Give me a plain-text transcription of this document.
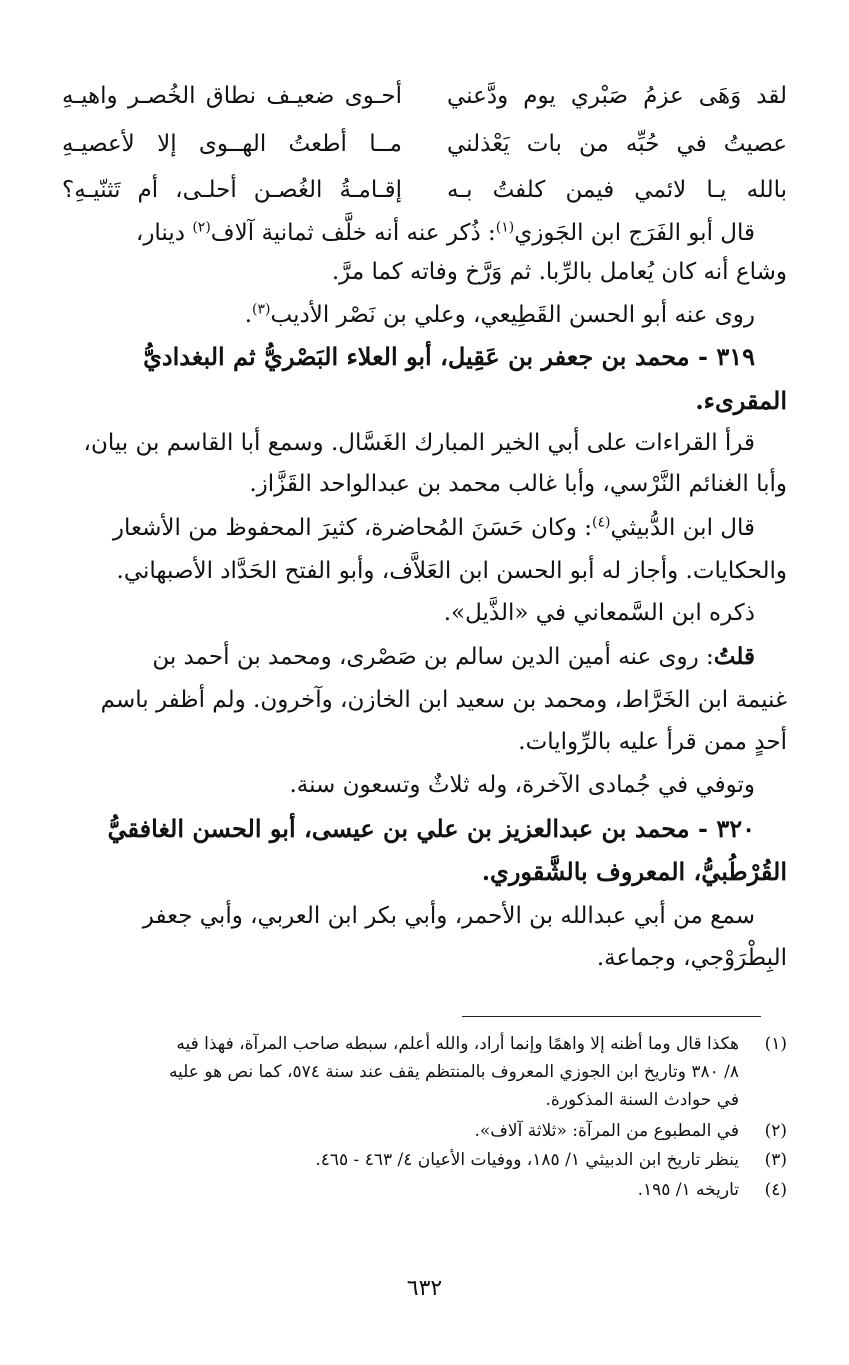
لقد وَهَى عزمُ صَبْري يوم ودَّعني
أحـوى ضعيـف نطاق الخُصـر واهيـهِ
عصيتُ في حُبِّه من بات يَعْذلني
مــا أطعتُ الهــوى إلا لأعصيـهِ
بالله يـا لائمي فيمن كلفتُ بـه
إقـامـةُ الغُصـن أحلـى، أم تَثنّيـهِ؟
قال أبو الفَرَج ابن الجَوزي$^{(١)}$: ذُكر عنه أنه خلَّف ثمانية آلاف$^{(٢)}$ دينار،
وشاع أنه كان يُعامل بالرِّبا. ثم وَرَّخ وفاته كما مرَّ.
روى عنه أبو الحسن القَطِيعي، وعلي بن نَصْر الأديب$^{(٣)}$.
٣١٩ - محمد بن جعفر بن عَقِيل، أبو العلاء البَصْريُّ ثم البغداديُّ
المقرىء.
قرأ القراءات على أبي الخير المبارك الغَسَّال. وسمع أبا القاسم بن بيان،
وأبا الغنائم النَّرْسي، وأبا غالب محمد بن عبدالواحد القَزَّاز.
قال ابن الدُّبيثي$^{(٤)}$: وكان حَسَنَ المُحاضرة، كثيرَ المحفوظ من الأشعار
والحكايات. وأجاز له أبو الحسن ابن العَلاَّف، وأبو الفتح الحَدَّاد الأصبهاني.
ذكره ابن السَّمعاني في «الذَّيل».
قلتُ: روى عنه أمين الدين سالم بن صَصْرى، ومحمد بن أحمد بن
غنيمة ابن الخَرَّاط، ومحمد بن سعيد ابن الخازن، وآخرون. ولم أظفر باسم
أحدٍ ممن قرأ عليه بالرِّوايات.
وتوفي في جُمادى الآخرة، وله ثلاثٌ وتسعون سنة.
٣٢٠ - محمد بن عبدالعزيز بن علي بن عيسى، أبو الحسن الغافقيُّ
القُرْطُبيُّ، المعروف بالشَّقوري.
سمع من أبي عبدالله بن الأحمر، وأبي بكر ابن العربي، وأبي جعفر
البِطْرَوْجي، وجماعة.
(١)هكذا قال وما أظنه إلا واهمًا وإنما أراد، والله أعلم، سبطه صاحب المرآة، فهذا فيه
٨/ ٣٨٠ وتاريخ ابن الجوزي المعروف بالمنتظم يقف عند سنة ٥٧٤، كما نص هو عليه
في حوادث السنة المذكورة.
(٢)في المطبوع من المرآة: «ثلاثة آلاف».
(٣)ينظر تاريخ ابن الدبيثي ١/ ١٨٥، ووفيات الأعيان ٤/ ٤٦٣ - ٤٦٥.
(٤)تاريخه ١/ ١٩٥.
٦٣٢
